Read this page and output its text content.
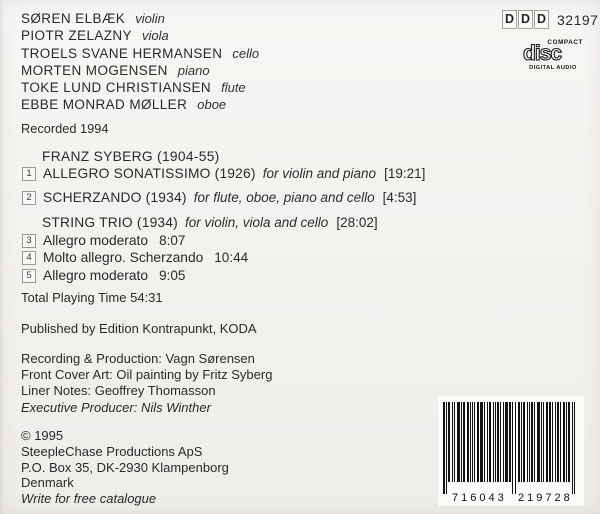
SØREN ELBÆK violin
PIOTR ZELAZNY viola
TROELS SVANE HERMANSEN cello
MORTEN MOGENSEN piano
TOKE LUND CHRISTIANSEN flute
EBBE MONRAD MØLLER oboe
Recorded 1994
FRANZ SYBERG (1904-55)
1 ALLEGRO SONATISSIMO (1926) for violin and piano [19:21]
2 SCHERZANDO (1934) for flute, oboe, piano and cello [4:53]
STRING TRIO (1934) for violin, viola and cello [28:02]
3 Allegro moderato 8:07
4 Molto allegro. Scherzando 10:44
5 Allegro moderato 9:05
Total Playing Time 54:31
Published by Edition Kontrapunkt, KODA
Recording & Production: Vagn Sørensen
Front Cover Art: Oil painting by Fritz Syberg
Liner Notes: Geoffrey Thomasson
Executive Producer: Nils Winther
© 1995
SteepleChase Productions ApS
P.O. Box 35, DK-2930 Klampenborg
Denmark
Write for free catalogue
D D D 32197
COMPACT
disc
DIGITAL AUDIO
716043 219728
